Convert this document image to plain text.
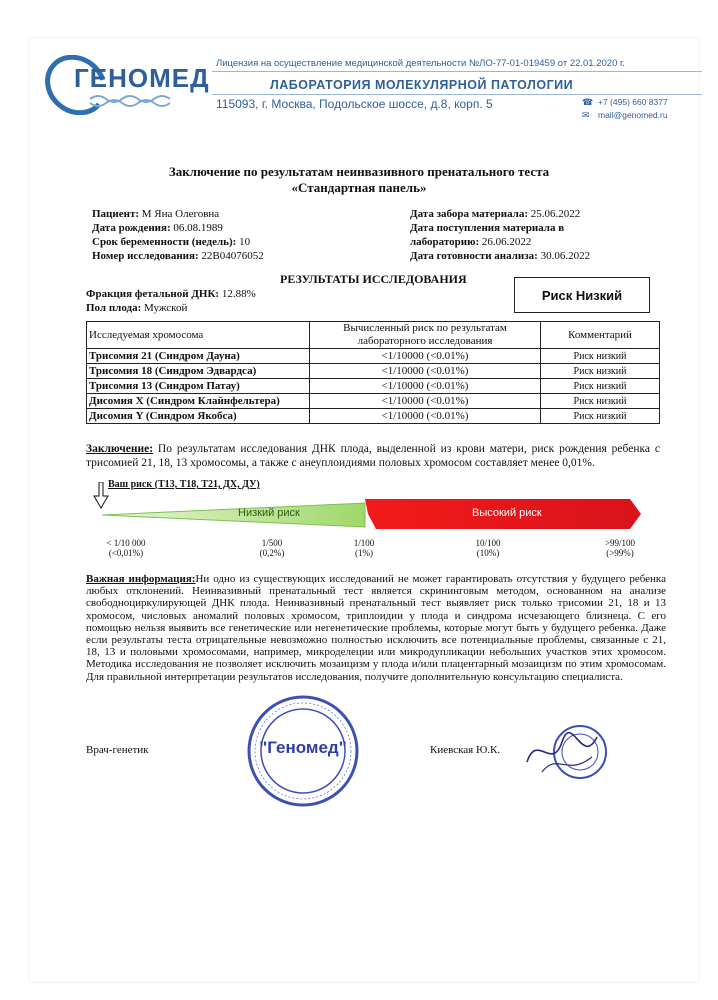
ГЕНОМЕД Лицензия на осуществление медицинской деятельности №ЛО-77-01-019459 от 22.01.2020 г.
ЛАБОРАТОРИЯ МОЛЕКУЛЯРНОЙ ПАТОЛОГИИ
115093, г. Москва, Подольское шоссе, д.8, корп. 5	☎ +7 (495) 660 8377
✉ mail@genomed.ru
Заключение по результатам неинвазивного пренатального теста
«Стандартная панель»
Пациент: М Яна Олеговна
Дата рождения: 06.08.1989
Срок беременности (недель): 10
Номер исследования: 22В04076052
Дата забора материала: 25.06.2022
Дата поступления материала в
лабораторию: 26.06.2022
Дата готовности анализа: 30.06.2022
РЕЗУЛЬТАТЫ ИССЛЕДОВАНИЯ
Фракция фетальной ДНК: 12.88%
Пол плода: Мужской
Риск Низкий
Исследуемая хромосома	Вычисленный риск по результатам лабораторного исследования	Комментарий
Трисомия 21 (Синдром Дауна)	<1/10000 (<0.01%)	Риск низкий
Трисомия 18 (Синдром Эдвардса)	<1/10000 (<0.01%)	Риск низкий
Трисомия 13 (Синдром Патау)	<1/10000 (<0.01%)	Риск низкий
Дисомия Х (Синдром Клайнфельтера)	<1/10000 (<0.01%)	Риск низкий
Дисомия Y (Синдром Якобса)	<1/10000 (<0.01%)	Риск низкий
Заключение: По результатам исследования ДНК плода, выделенной из крови матери, риск рождения ребенка с трисомией 21, 18, 13 хромосомы, а также с анеуплоидиями половых хромосом составляет менее 0,01%.
Ваш риск (Т13, Т18, Т21, ДХ, ДУ)
Низкий риск	Высокий риск
< 1/10 000
(<0,01%)
1/500
(0,2%)
1/100
(1%)
10/100
(10%)
>99/100
(>99%)
Важная информация:Ни одно из существующих исследований не может гарантировать отсутствия у будущего ребенка любых отклонений. Неинвазивный пренатальный тест является скрининговым методом, основанном на анализе свободноциркулирующей ДНК плода. Неинвазивный пренатальный тест выявляет риск только трисомии 21, 18 и 13 хромосом, числовых аномалий половых хромосом, триплоидии у плода и синдрома исчезающего близнеца. С его помощью нельзя выявить все генетические или негенетические проблемы, которые могут быть у будущего ребенка. Даже если результаты теста отрицательные невозможно полностью исключить все потенциальные проблемы, связанные с 21, 18, 13 и половыми хромосомами, например, микроделеции или микродупликации небольших участков этих хромосом. Методика исследования не позволяет исключить мозаицизм у плода и/или плацентарный мозаицизм по этим хромосомам. Для правильной интерпретации результатов исследования, получите дополнительную консультацию специалиста.
Врач-генетик	"Геномед"	Киевская Ю.К.
